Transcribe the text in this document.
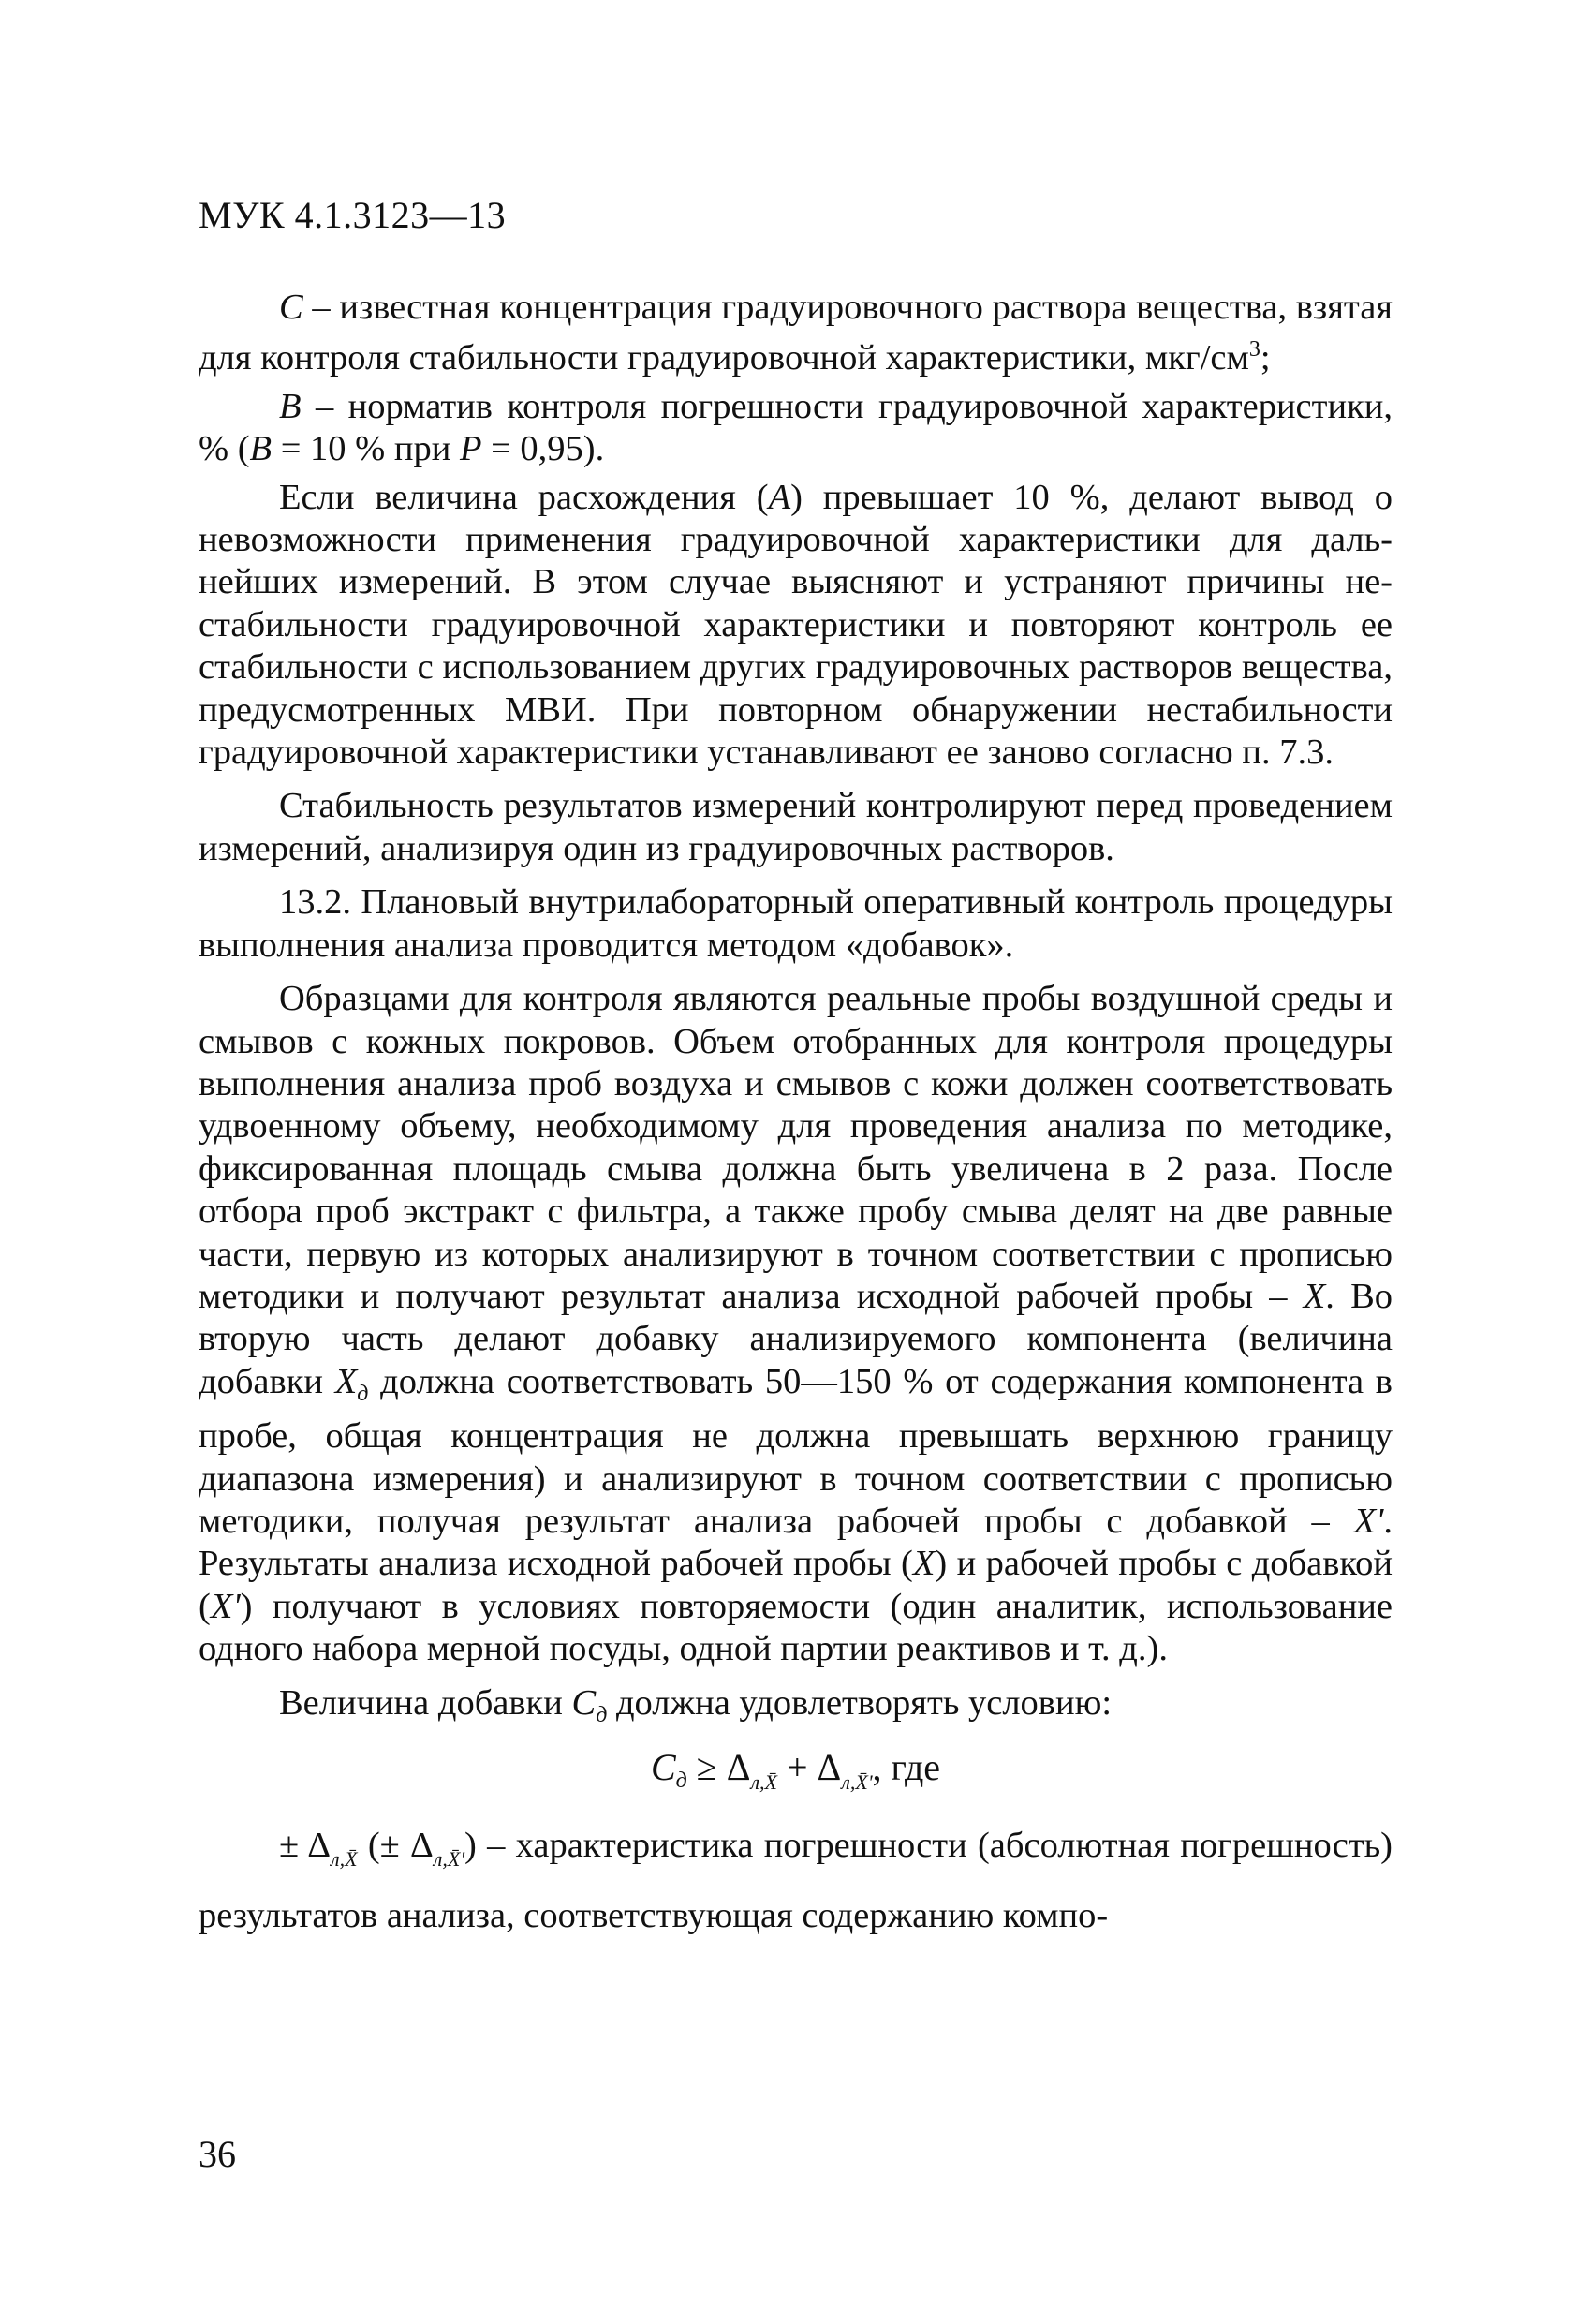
МУК 4.1.3123—13

С – известная концентрация градуировочного раствора вещества, взятая для контроля стабильности градуировочной характеристики, мкг/$см^3$;

В – норматив контроля погрешности градуировочной характеристики, % (В = 10 % при Р = 0,95).

Если величина расхождения (А) превышает 10 %, делают вывод о невозможности применения градуировочной характеристики для дальнейших измерений. В этом случае выясняют и устраняют причины нестабильности градуировочной характеристики и повторяют контроль ее стабильности с использованием других градуировочных растворов вещества, предусмотренных МВИ. При повторном обнаружении нестабильности градуировочной характеристики устанавливают ее заново согласно п. 7.3.

Стабильность результатов измерений контролируют перед проведением измерений, анализируя один из градуировочных растворов.

13.2. Плановый внутрилабораторный оперативный контроль процедуры выполнения анализа проводится методом «добавок».

Образцами для контроля являются реальные пробы воздушной среды и смывов с кожных покровов. Объем отобранных для контроля процедуры выполнения анализа проб воздуха и смывов с кожи должен соответствовать удвоенному объему, необходимому для проведения анализа по методике, фиксированная площадь смыва должна быть увеличена в 2 раза. После отбора проб экстракт с фильтра, а также пробу смыва делят на две равные части, первую из которых анализируют в точном соответствии с прописью методики и получают результат анализа исходной рабочей пробы – Х. Во вторую часть делают добавку анализируемого компонента (величина добавки $Х_д$ должна соответствовать 50—150 % от содержания компонента в пробе, общая концентрация не должна превышать верхнюю границу диапазона измерения) и анализируют в точном соответствии с прописью методики, получая результат анализа рабочей пробы с добавкой – Х'. Результаты анализа исходной рабочей пробы (Х) и рабочей пробы с добавкой (Х') получают в условиях повторяемости (один аналитик, использование одного набора мерной посуды, одной партии реактивов и т. д.).

Величина добавки $С_д$ должна удовлетворять условию:

$С_д \ge \Delta_{л,X̄} + \Delta_{л,X̄'}$, где

± $\Delta_{л,X̄}$ (± $\Delta_{л,X̄'}$) – характеристика погрешности (абсолютная погрешность) результатов анализа, соответствующая содержанию компо-

36
